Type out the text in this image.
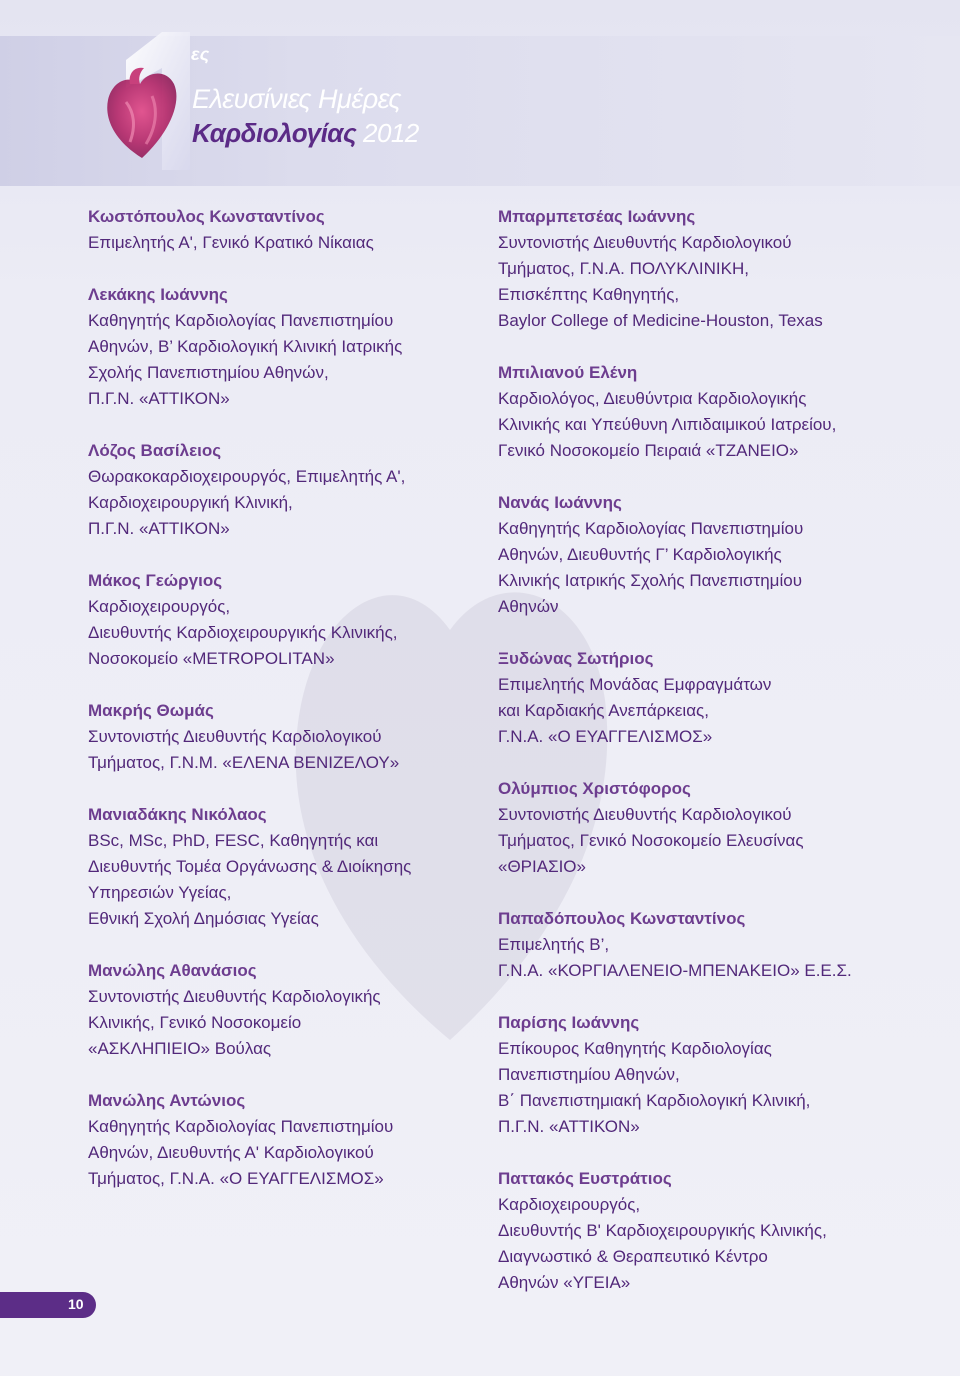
ες
Ελευσίνιες Ημέρες
Καρδιολογίας 2012
Κωστόπουλος Κωνσταντίνος
Επιμελητής Α', Γενικό Κρατικό Νίκαιας
Λεκάκης Ιωάννης
Καθηγητής Καρδιολογίας Πανεπιστημίου
Αθηνών, Β’ Καρδιολογική Κλινική Ιατρικής
Σχολής Πανεπιστημίου Αθηνών,
Π.Γ.Ν. «ΑΤΤΙΚΟΝ»
Λόζος Βασίλειος
Θωρακοκαρδιοχειρουργός, Επιμελητής Α',
Καρδιοχειρουργική Κλινική,
Π.Γ.Ν. «ΑΤΤΙΚΟΝ»
Μάκος Γεώργιος
Καρδιοχειρουργός,
Διευθυντής Καρδιοχειρουργικής Κλινικής,
Νοσοκομείο «METROPOLITAN»
Μακρής Θωμάς
Συντονιστής Διευθυντής Καρδιολογικού
Τμήματος, Γ.Ν.Μ. «ΕΛΕΝΑ ΒΕΝΙΖΕΛΟΥ»
Μανιαδάκης Νικόλαος
BSc, MSc, PhD, FESC, Καθηγητής και
Διευθυντής Τομέα Οργάνωσης & Διοίκησης
Υπηρεσιών Υγείας,
Εθνική Σχολή Δημόσιας Υγείας
Μανώλης Αθανάσιος
Συντονιστής Διευθυντής Καρδιολογικής
Κλινικής, Γενικό Νοσοκομείο
«ΑΣΚΛΗΠΙΕΙΟ» Βούλας
Μανώλης Αντώνιος
Καθηγητής Καρδιολογίας Πανεπιστημίου
Αθηνών, Διευθυντής Α' Καρδιολογικού
Τμήματος, Γ.Ν.Α. «Ο ΕΥΑΓΓΕΛΙΣΜΟΣ»
Μπαρμπετσέας Ιωάννης
Συντονιστής Διευθυντής Καρδιολογικού
Τμήματος, Γ.Ν.Α. ΠΟΛΥΚΛΙΝΙΚΗ,
Επισκέπτης Καθηγητής,
Baylor College of Medicine-Houston, Texas
Μπιλιανού Ελένη
Καρδιολόγος, Διευθύντρια Καρδιολογικής
Κλινικής και Υπεύθυνη Λιπιδαιμικού Ιατρείου,
Γενικό Νοσοκομείο Πειραιά «ΤΖΑΝΕΙΟ»
Νανάς Ιωάννης
Καθηγητής Καρδιολογίας Πανεπιστημίου
Αθηνών, Διευθυντής Γ’ Καρδιολογικής
Κλινικής Ιατρικής Σχολής Πανεπιστημίου
Αθηνών
Ξυδώνας Σωτήριος
Επιμελητής Μονάδας Εμφραγμάτων
και Καρδιακής Ανεπάρκειας,
Γ.Ν.Α. «Ο ΕΥΑΓΓΕΛΙΣΜΟΣ»
Ολύμπιος Χριστόφορος
Συντονιστής Διευθυντής Καρδιολογικού
Τμήματος, Γενικό Νοσοκομείο Ελευσίνας
«ΘΡΙΑΣΙΟ»
Παπαδόπουλος Κωνσταντίνος
Επιμελητής Β’,
Γ.Ν.Α. «ΚΟΡΓΙΑΛΕΝΕΙΟ-ΜΠΕΝΑΚΕΙΟ» Ε.Ε.Σ.
Παρίσης Ιωάννης
Επίκουρος Καθηγητής Καρδιολογίας
Πανεπιστημίου Αθηνών,
Β΄ Πανεπιστημιακή Καρδιολογική Κλινική,
Π.Γ.Ν. «ΑΤΤΙΚΟΝ»
Παττακός Ευστράτιος
Καρδιοχειρουργός,
Διευθυντής Β' Καρδιοχειρουργικής Κλινικής,
Διαγνωστικό & Θεραπευτικό Κέντρο
Αθηνών «ΥΓΕΙΑ»
10
